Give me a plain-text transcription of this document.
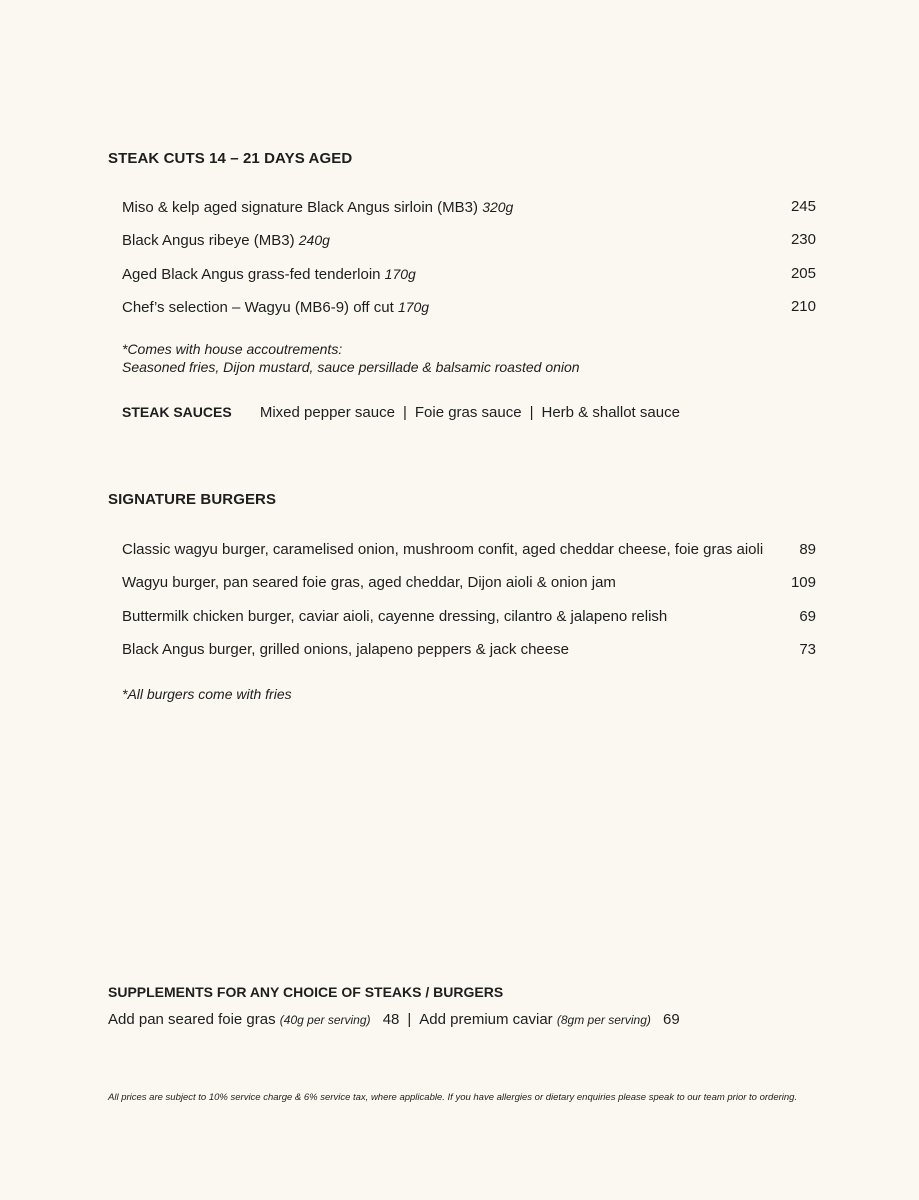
STEAK CUTS 14 – 21 DAYS AGED
Miso & kelp aged signature Black Angus sirloin (MB3) 320g	245
Black Angus ribeye (MB3) 240g	230
Aged Black Angus grass-fed tenderloin 170g	205
Chef’s selection – Wagyu (MB6-9) off cut 170g	210
*Comes with house accoutrements:
Seasoned fries, Dijon mustard, sauce persillade & balsamic roasted onion
STEAK SAUCES Mixed pepper sauce | Foie gras sauce | Herb & shallot sauce
SIGNATURE BURGERS
Classic wagyu burger, caramelised onion, mushroom confit, aged cheddar cheese, foie gras aioli	89
Wagyu burger, pan seared foie gras, aged cheddar, Dijon aioli & onion jam	109
Buttermilk chicken burger, caviar aioli, cayenne dressing, cilantro & jalapeno relish	69
Black Angus burger, grilled onions, jalapeno peppers & jack cheese	73
*All burgers come with fries
SUPPLEMENTS FOR ANY CHOICE OF STEAKS / BURGERS
Add pan seared foie gras (40g per serving) 48 | Add premium caviar (8gm per serving) 69
All prices are subject to 10% service charge & 6% service tax, where applicable. If you have allergies or dietary enquiries please speak to our team prior to ordering.
